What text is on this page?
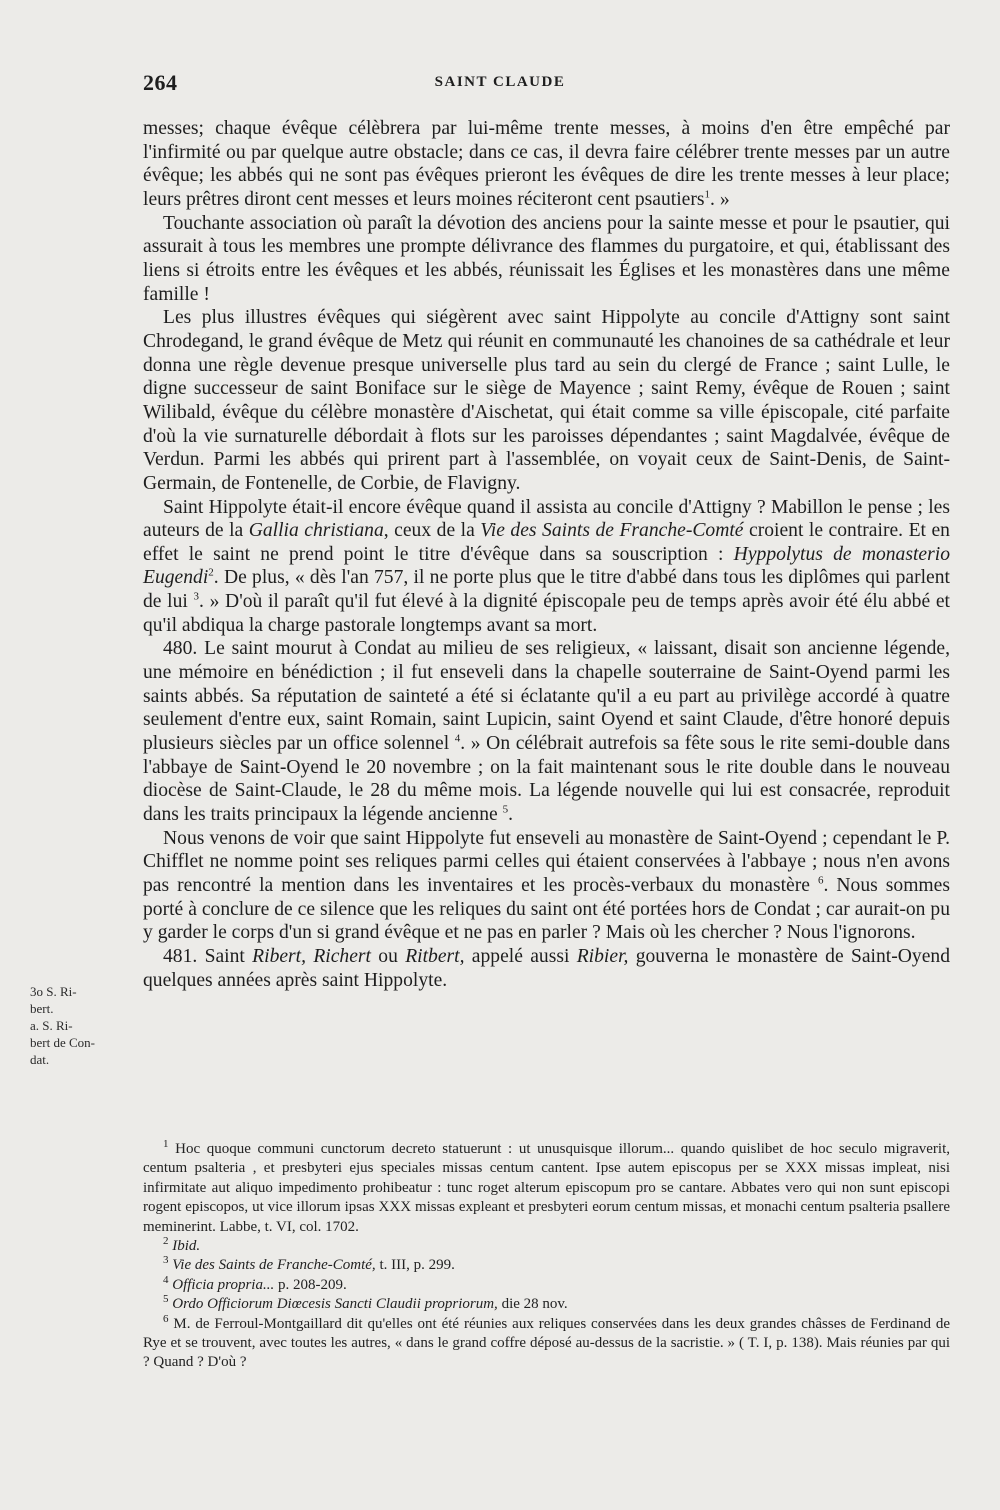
264	SAINT CLAUDE

messes; chaque évêque célèbrera par lui-même trente messes, à moins d'en être empêché par l'infirmité ou par quelque autre obstacle; dans ce cas, il devra faire célébrer trente messes par un autre évêque; les abbés qui ne sont pas évêques prieront les évêques de dire les trente messes à leur place; leurs prêtres diront cent messes et leurs moines réciteront cent psautiers$^1$. »

Touchante association où paraît la dévotion des anciens pour la sainte messe et pour le psautier, qui assurait à tous les membres une prompte délivrance des flammes du purgatoire, et qui, établissant des liens si étroits entre les évêques et les abbés, réunissait les Églises et les monastères dans une même famille !

Les plus illustres évêques qui siégèrent avec saint Hippolyte au concile d'Attigny sont saint Chrodegand, le grand évêque de Metz qui réunit en communauté les chanoines de sa cathédrale et leur donna une règle devenue presque universelle plus tard au sein du clergé de France ; saint Lulle, le digne successeur de saint Boniface sur le siège de Mayence ; saint Remy, évêque de Rouen ; saint Wilibald, évêque du célèbre monastère d'Aischetat, qui était comme sa ville épiscopale, cité parfaite d'où la vie surnaturelle débordait à flots sur les paroisses dépendantes ; saint Magdalvée, évêque de Verdun. Parmi les abbés qui prirent part à l'assemblée, on voyait ceux de Saint-Denis, de Saint-Germain, de Fontenelle, de Corbie, de Flavigny.

Saint Hippolyte était-il encore évêque quand il assista au concile d'Attigny ? Mabillon le pense ; les auteurs de la Gallia christiana, ceux de la Vie des Saints de Franche-Comté croient le contraire. Et en effet le saint ne prend point le titre d'évêque dans sa souscription : Hyppolytus de monasterio Eugendi$^2$. De plus, « dès l'an 757, il ne porte plus que le titre d'abbé dans tous les diplômes qui parlent de lui $^3$. » D'où il paraît qu'il fut élevé à la dignité épiscopale peu de temps après avoir été élu abbé et qu'il abdiqua la charge pastorale longtemps avant sa mort.

480. Le saint mourut à Condat au milieu de ses religieux, « laissant, disait son ancienne légende, une mémoire en bénédiction ; il fut enseveli dans la chapelle souterraine de Saint-Oyend parmi les saints abbés. Sa réputation de sainteté a été si éclatante qu'il a eu part au privilège accordé à quatre seulement d'entre eux, saint Romain, saint Lupicin, saint Oyend et saint Claude, d'être honoré depuis plusieurs siècles par un office solennel $^4$. » On célébrait autrefois sa fête sous le rite semi-double dans l'abbaye de Saint-Oyend le 20 novembre ; on la fait maintenant sous le rite double dans le nouveau diocèse de Saint-Claude, le 28 du même mois. La légende nouvelle qui lui est consacrée, reproduit dans les traits principaux la légende ancienne $^5$.

Nous venons de voir que saint Hippolyte fut enseveli au monastère de Saint-Oyend ; cependant le P. Chifflet ne nomme point ses reliques parmi celles qui étaient conservées à l'abbaye ; nous n'en avons pas rencontré la mention dans les inventaires et les procès-verbaux du monastère $^6$. Nous sommes porté à conclure de ce silence que les reliques du saint ont été portées hors de Condat ; car aurait-on pu y garder le corps d'un si grand évêque et ne pas en parler ? Mais où les chercher ? Nous l'ignorons.

481. Saint Ribert, Richert ou Ritbert, appelé aussi Ribier, gouverna le monastère de Saint-Oyend quelques années après saint Hippolyte.

3o S. Ri-
bert.
a. S. Ri-
bert de Con-
dat.

$^1$ Hoc quoque communi cunctorum decreto statuerunt : ut unusquisque illorum... quando quislibet de hoc seculo migraverit, centum psalteria , et presbyteri ejus speciales missas centum cantent. Ipse autem episcopus per se XXX missas impleat, nisi infirmitate aut aliquo impedimento prohibeatur : tunc roget alterum episcopum pro se cantare. Abbates vero qui non sunt episcopi rogent episcopos, ut vice illorum ipsas XXX missas expleant et presbyteri eorum centum missas, et monachi centum psalteria psallere meminerint. Labbe, t. VI, col. 1702.

$^2$ Ibid.

$^3$ Vie des Saints de Franche-Comté, t. III, p. 299.

$^4$ Officia propria... p. 208-209.

$^5$ Ordo Officiorum Diœcesis Sancti Claudii propriorum, die 28 nov.

$^6$ M. de Ferroul-Montgaillard dit qu'elles ont été réunies aux reliques conservées dans les deux grandes châsses de Ferdinand de Rye et se trouvent, avec toutes les autres, « dans le grand coffre déposé au-dessus de la sacristie. » ( T. I, p. 138). Mais réunies par qui ? Quand ? D'où ?
